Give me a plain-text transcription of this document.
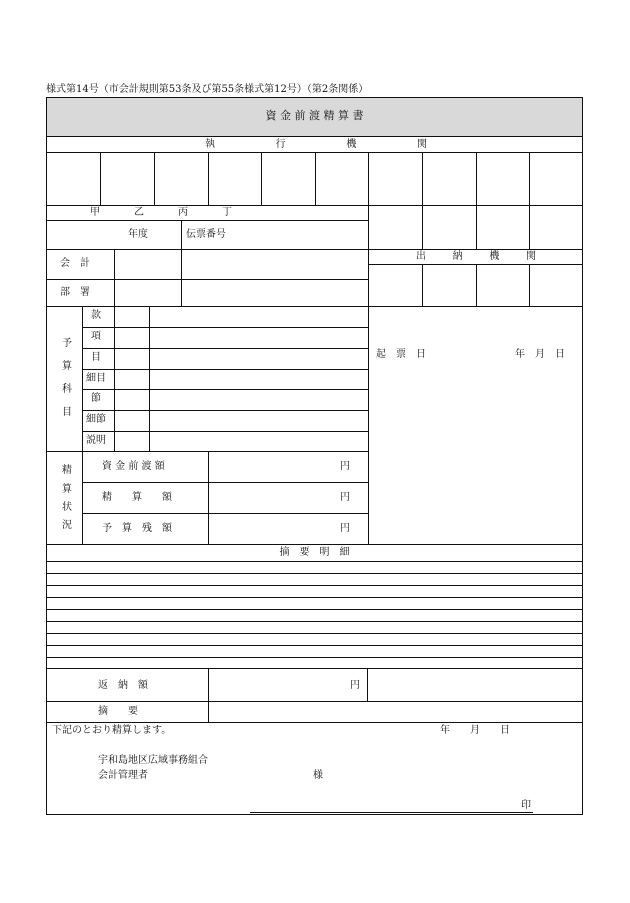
様式第14号（市会計規則第53条及び第55条様式第12号）（第2条関係）
資 金 前 渡 精 算 書
執	行	機	関
甲	乙	丙	丁
年度	伝票番号
会　計
部　署
出	納	機	関
予
算
科
目
款
項
目
細目
節
細節
説明
起　票　日	年　月　日
精
算
状
況
資 金 前 渡 額	円
精　　算　　額	円
予　算　残　額	円
摘　要　明　細
返　納　額	円
摘　　要
下記のとおり精算します。	年　　月　　日
宇和島地区広域事務組合
会計管理者	様
印
